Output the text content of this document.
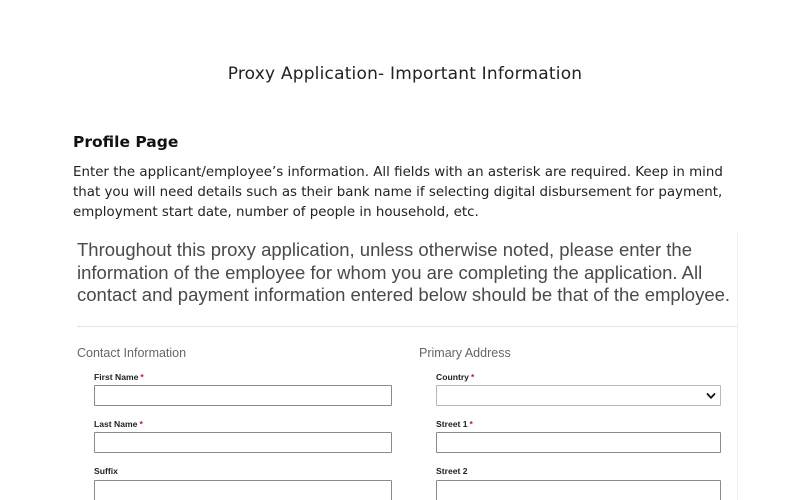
Proxy Application- Important Information
Profile Page
Enter the applicant/employee’s information. All fields with an asterisk are required. Keep in mind that you will need details such as their bank name if selecting digital disbursement for payment, employment start date, number of people in household, etc.
Throughout this proxy application, unless otherwise noted, please enter the information of the employee for whom you are completing the application. All contact and payment information entered below should be that of the employee.
Contact Information
First Name *
Last Name *
Suffix
Primary Address
Country *
Street 1 *
Street 2
